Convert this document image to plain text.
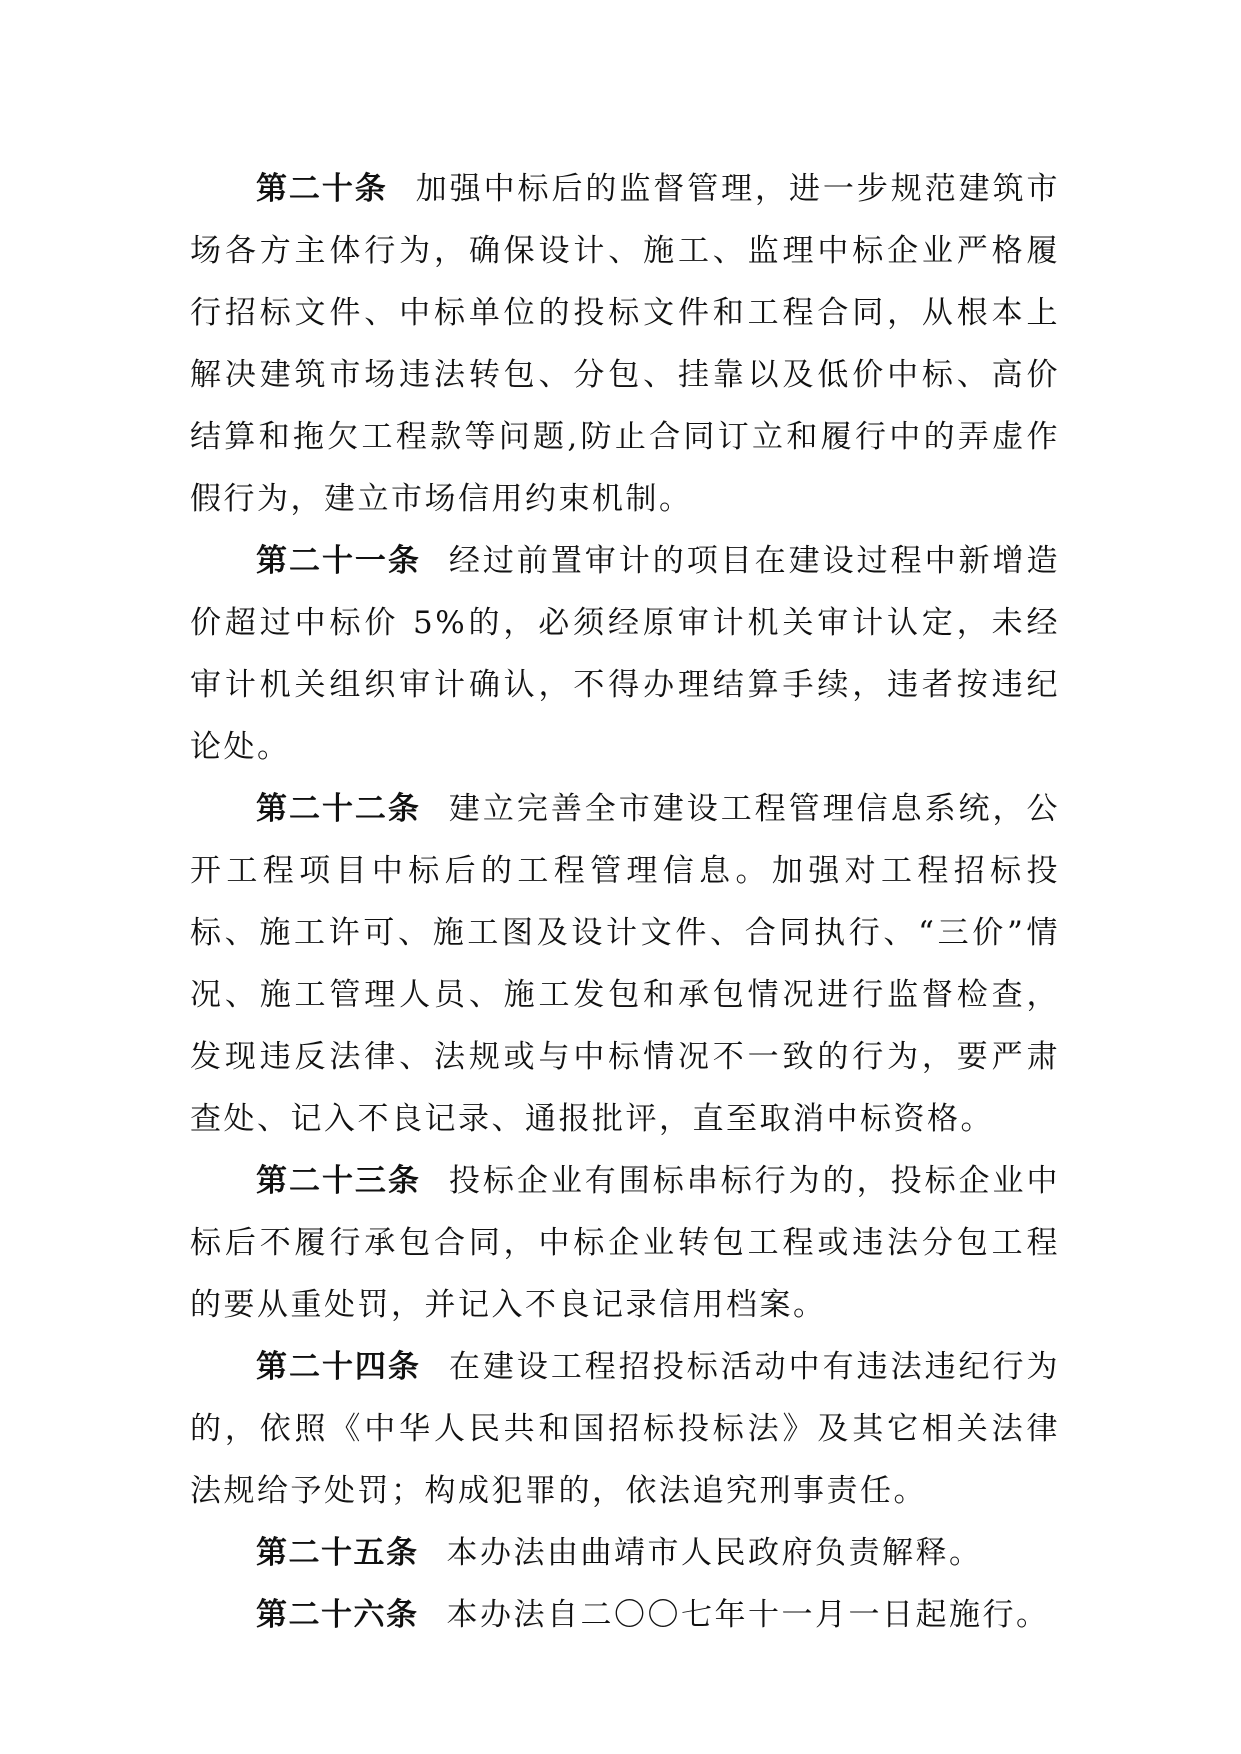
第二十条 加强中标后的监督管理，进一步规范建筑市场各方主体行为，确保设计、施工、监理中标企业严格履行招标文件、中标单位的投标文件和工程合同，从根本上解决建筑市场违法转包、分包、挂靠以及低价中标、高价结算和拖欠工程款等问题,防止合同订立和履行中的弄虚作假行为，建立市场信用约束机制。

第二十一条 经过前置审计的项目在建设过程中新增造价超过中标价 5%的，必须经原审计机关审计认定，未经审计机关组织审计确认，不得办理结算手续，违者按违纪论处。

第二十二条 建立完善全市建设工程管理信息系统，公开工程项目中标后的工程管理信息。加强对工程招标投标、施工许可、施工图及设计文件、合同执行、“三价”情况、施工管理人员、施工发包和承包情况进行监督检查，发现违反法律、法规或与中标情况不一致的行为，要严肃查处、记入不良记录、通报批评，直至取消中标资格。

第二十三条 投标企业有围标串标行为的，投标企业中标后不履行承包合同，中标企业转包工程或违法分包工程的要从重处罚，并记入不良记录信用档案。

第二十四条 在建设工程招投标活动中有违法违纪行为的，依照《中华人民共和国招标投标法》及其它相关法律法规给予处罚；构成犯罪的，依法追究刑事责任。

第二十五条 本办法由曲靖市人民政府负责解释。

第二十六条 本办法自二〇〇七年十一月一日起施行。
